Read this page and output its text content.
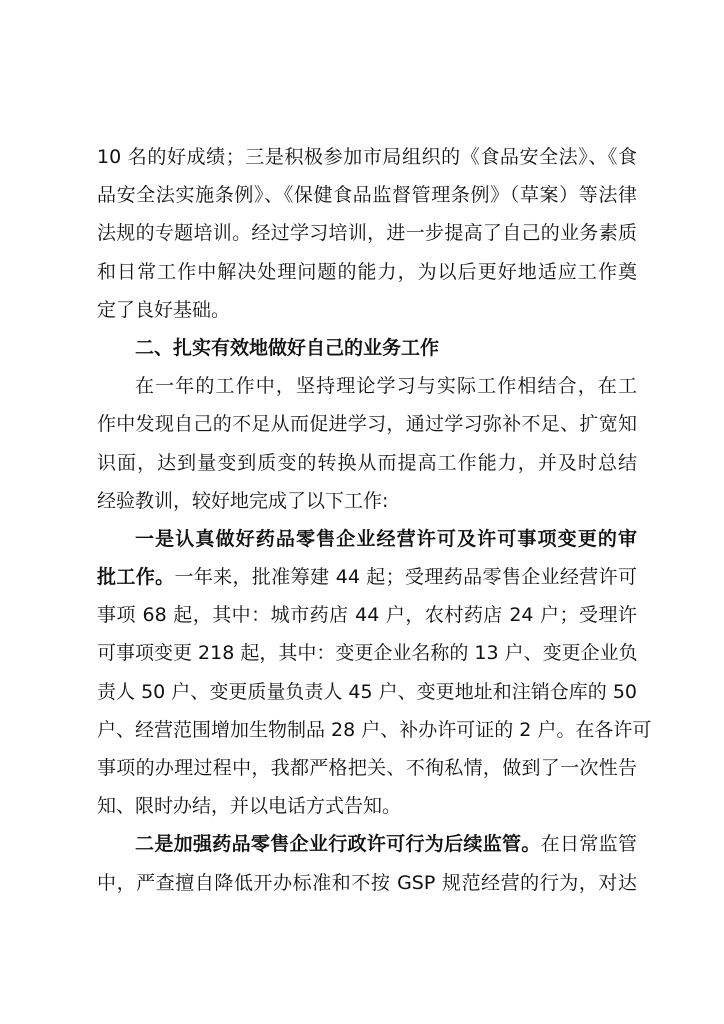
10 名的好成绩；三是积极参加市局组织的《食品安全法》、《食
品安全法实施条例》、《保健食品监督管理条例》（草案）等法律
法规的专题培训。经过学习培训，进一步提高了自己的业务素质
和日常工作中解决处理问题的能力，为以后更好地适应工作奠
定了良好基础。
二、扎实有效地做好自己的业务工作
在一年的工作中，坚持理论学习与实际工作相结合，在工
作中发现自己的不足从而促进学习，通过学习弥补不足、扩宽知
识面，达到量变到质变的转换从而提高工作能力，并及时总结
经验教训，较好地完成了以下工作:
一是认真做好药品零售企业经营许可及许可事项变更的审
批工作。一年来，批准筹建 44 起；受理药品零售企业经营许可
事项 68 起，其中：城市药店 44 户，农村药店 24 户；受理许
可事项变更 218 起，其中：变更企业名称的 13 户、变更企业负
责人 50 户、变更质量负责人 45 户、变更地址和注销仓库的 50
户、经营范围增加生物制品 28 户、补办许可证的 2 户。在各许可
事项的办理过程中，我都严格把关、不徇私情，做到了一次性告
知、限时办结，并以电话方式告知。
二是加强药品零售企业行政许可行为后续监管。在日常监管
中，严查擅自降低开办标准和不按 GSP 规范经营的行为，对达
